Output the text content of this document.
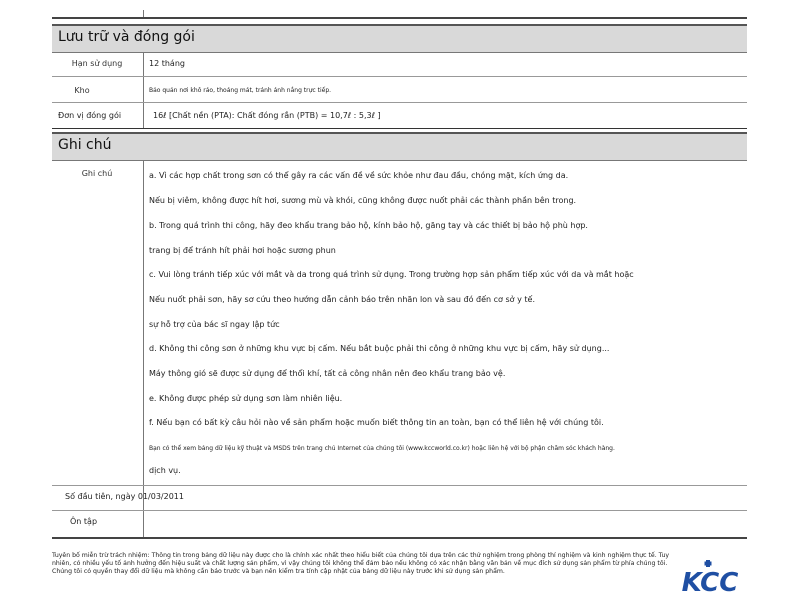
Lưu trữ và đóng gói
Hạn sử dụng	12 tháng
Kho	Bảo quản nơi khô ráo, thoáng mát, tránh ánh nắng trực tiếp.
Đơn vị đóng gói	16ℓ [Chất nền (PTA): Chất đóng rắn (PTB) = 10,7ℓ : 5,3ℓ ]
Ghi chú
Ghi chú	a. Vì các hợp chất trong sơn có thể gây ra các vấn đề về sức khỏe như đau đầu, chóng mặt, kích ứng da.
Nếu bị viêm, không được hít hơi, sương mù và khói, cũng không được nuốt phải các thành phần bên trong.
b. Trong quá trình thi công, hãy đeo khẩu trang bảo hộ, kính bảo hộ, găng tay và các thiết bị bảo hộ phù hợp.
trang bị để tránh hít phải hơi hoặc sương phun
c. Vui lòng tránh tiếp xúc với mắt và da trong quá trình sử dụng. Trong trường hợp sản phẩm tiếp xúc với da và mắt hoặc
Nếu nuốt phải sơn, hãy sơ cứu theo hướng dẫn cảnh báo trên nhãn lon và sau đó đến cơ sở y tế.
sự hỗ trợ của bác sĩ ngay lập tức
d. Không thi công sơn ở những khu vực bị cấm. Nếu bắt buộc phải thi công ở những khu vực bị cấm, hãy sử dụng...
Máy thông gió sẽ được sử dụng để thổi khí, tất cả công nhân nên đeo khẩu trang bảo vệ.
e. Không được phép sử dụng sơn làm nhiên liệu.
f. Nếu bạn có bất kỳ câu hỏi nào về sản phẩm hoặc muốn biết thông tin an toàn, bạn có thể liên hệ với chúng tôi.
Bạn có thể xem bảng dữ liệu kỹ thuật và MSDS trên trang chủ Internet của chúng tôi (www.kccworld.co.kr) hoặc liên hệ với bộ phận chăm sóc khách hàng.
dịch vụ.
Số đầu tiên, ngày 01/03/2011
Ôn tập
Tuyên bố miễn trừ trách nhiệm: Thông tin trong bảng dữ liệu này được cho là chính xác nhất theo hiểu biết của chúng tôi dựa trên các thử nghiệm trong phòng thí nghiệm và kinh nghiệm thực tế. Tuy nhiên, có nhiều yếu tố ảnh hưởng đến hiệu suất và chất lượng sản phẩm, vì vậy chúng tôi không thể đảm bảo nếu không có xác nhận bằng văn bản về mục đích sử dụng sản phẩm từ phía chúng tôi. Chúng tôi có quyền thay đổi dữ liệu mà không cần báo trước và bạn nên kiểm tra tính cập nhật của bảng dữ liệu này trước khi sử dụng sản phẩm.	KCC
